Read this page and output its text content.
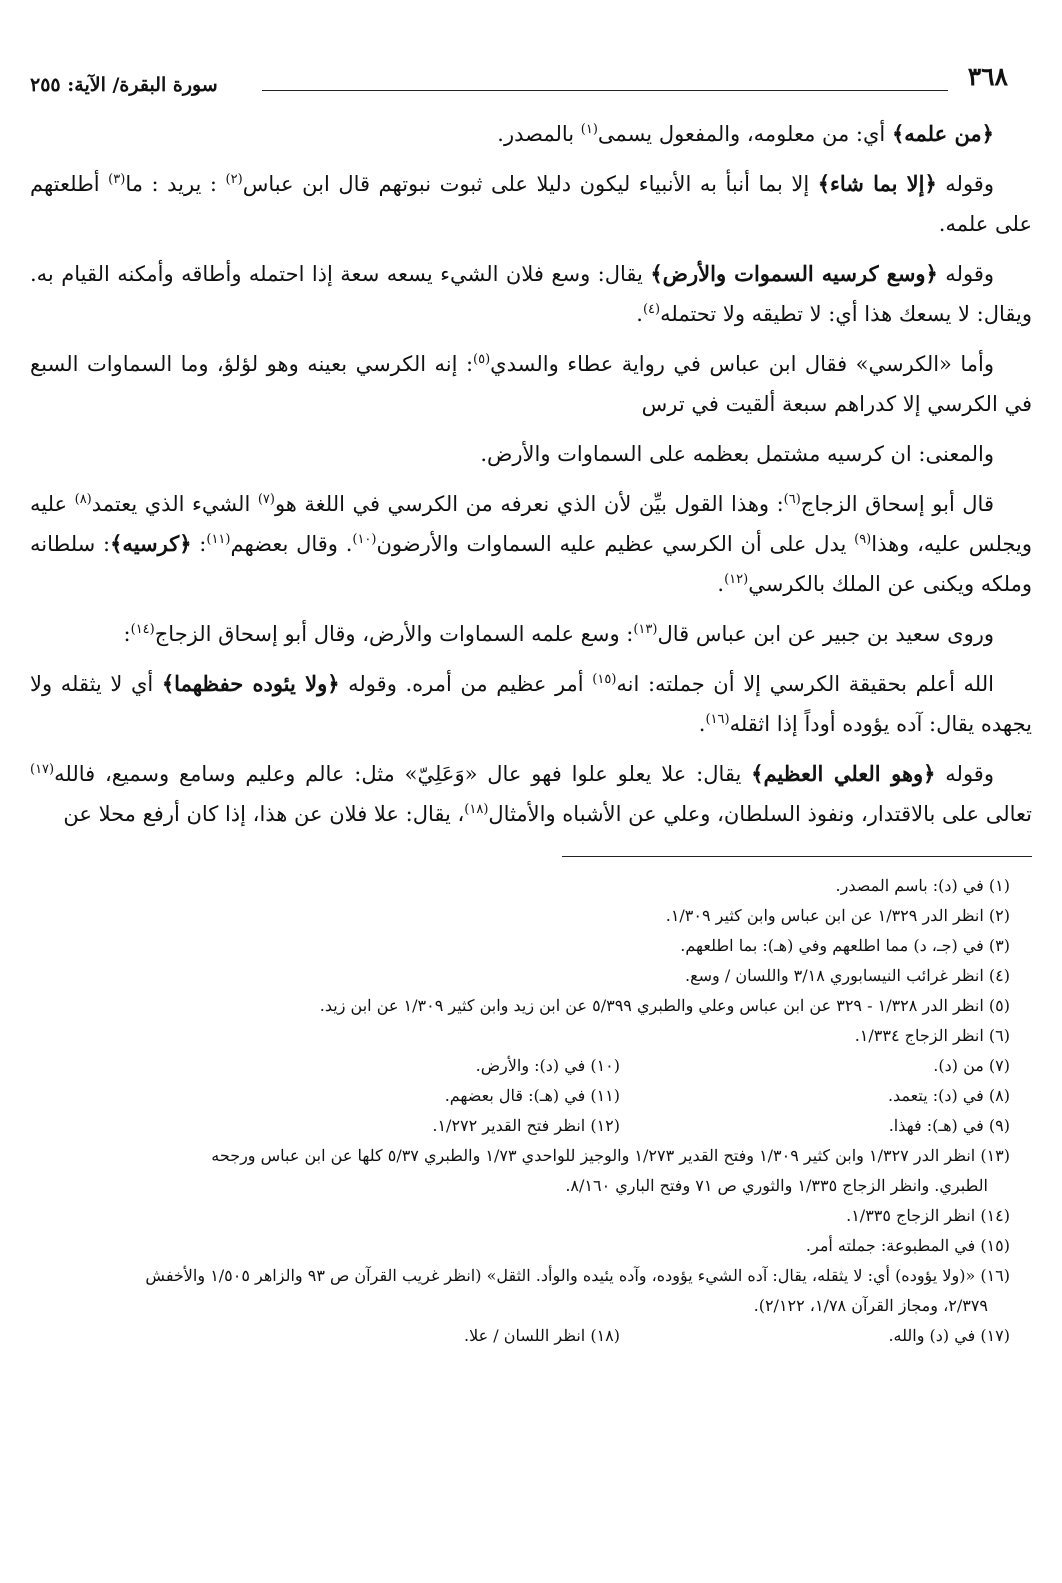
٣٦٨
سورة البقرة/ الآية: ٢٥٥

﴿من علمه﴾ أي: من معلومه، والمفعول يسمى$^{(١)}$ بالمصدر.

وقوله ﴿إلا بما شاء﴾ إلا بما أنبأ به الأنبياء ليكون دليلا على ثبوت نبوتهم قال ابن عباس$^{(٢)}$ : يريد : ما$^{(٣)}$ أطلعتهم على علمه.

وقوله ﴿وسع كرسيه السموات والأرض﴾ يقال: وسع فلان الشيء يسعه سعة إذا احتمله وأطاقه وأمكنه القيام به. ويقال: لا يسعك هذا أي: لا تطيقه ولا تحتمله$^{(٤)}$.

وأما «الكرسي» فقال ابن عباس في رواية عطاء والسدي$^{(٥)}$: إنه الكرسي بعينه وهو لؤلؤ، وما السماوات السبع في الكرسي إلا كدراهم سبعة ألقيت في ترس

والمعنى: ان كرسيه مشتمل بعظمه على السماوات والأرض.

قال أبو إسحاق الزجاج$^{(٦)}$: وهذا القول بيِّن لأن الذي نعرفه من الكرسي في اللغة هو$^{(٧)}$ الشيء الذي يعتمد$^{(٨)}$ عليه ويجلس عليه، وهذا$^{(٩)}$ يدل على أن الكرسي عظيم عليه السماوات والأرضون$^{(١٠)}$. وقال بعضهم$^{(١١)}$: ﴿كرسيه﴾: سلطانه وملكه ويكنى عن الملك بالكرسي$^{(١٢)}$.

وروى سعيد بن جبير عن ابن عباس قال$^{(١٣)}$: وسع علمه السماوات والأرض، وقال أبو إسحاق الزجاج$^{(١٤)}$:

الله أعلم بحقيقة الكرسي إلا أن جملته: انه$^{(١٥)}$ أمر عظيم من أمره. وقوله ﴿ولا يئوده حفظهما﴾ أي لا يثقله ولا يجهده يقال: آده يؤوده أوداً إذا اثقله$^{(١٦)}$.

وقوله ﴿وهو العلي العظيم﴾ يقال: علا يعلو علوا فهو عال «وَعَلِيّ» مثل: عالم وعليم وسامع وسميع، فالله$^{(١٧)}$ تعالى على بالاقتدار، ونفوذ السلطان، وعلي عن الأشباه والأمثال$^{(١٨)}$، يقال: علا فلان عن هذا، إذا كان أرفع محلا عن

(١) في (د): باسم المصدر.

(٢) انظر الدر ١/٣٢٩ عن ابن عباس وابن كثير ١/٣٠٩.

(٣) في (جـ، د) مما اطلعهم وفي (هـ): بما اطلعهم.

(٤) انظر غرائب النيسابوري ٣/١٨ واللسان / وسع.

(٥) انظر الدر ١/٣٢٨ - ٣٢٩ عن ابن عباس وعلي والطبري ٥/٣٩٩ عن ابن زيد وابن كثير ١/٣٠٩ عن ابن زيد.

(٦) انظر الزجاج ١/٣٣٤.

(٧) من (د).
(١٠) في (د): والأرض.
(٨) في (د): يتعمد.
(١١) في (هـ): قال بعضهم.
(٩) في (هـ): فهذا.
(١٢) انظر فتح القدير ١/٢٧٢.

(١٣) انظر الدر ١/٣٢٧ وابن كثير ١/٣٠٩ وفتح القدير ١/٢٧٣ والوجيز للواحدي ١/٧٣ والطبري ٥/٣٧ كلها عن ابن عباس ورجحه

الطبري. وانظر الزجاج ١/٣٣٥ والثوري ص ٧١ وفتح الباري ٨/١٦٠.

(١٤) انظر الزجاج ١/٣٣٥.

(١٥) في المطبوعة: جملته أمر.

(١٦) «(ولا يؤوده) أي: لا يثقله، يقال: آده الشيء يؤوده، وآده يئيده والوأد. الثقل» (انظر غريب القرآن ص ٩٣ والزاهر ١/٥٠٥ والأخفش

٢/٣٧٩، ومجاز القرآن ١/٧٨، ٢/١٢٢).

(١٧) في (د) والله.
(١٨) انظر اللسان / علا.
